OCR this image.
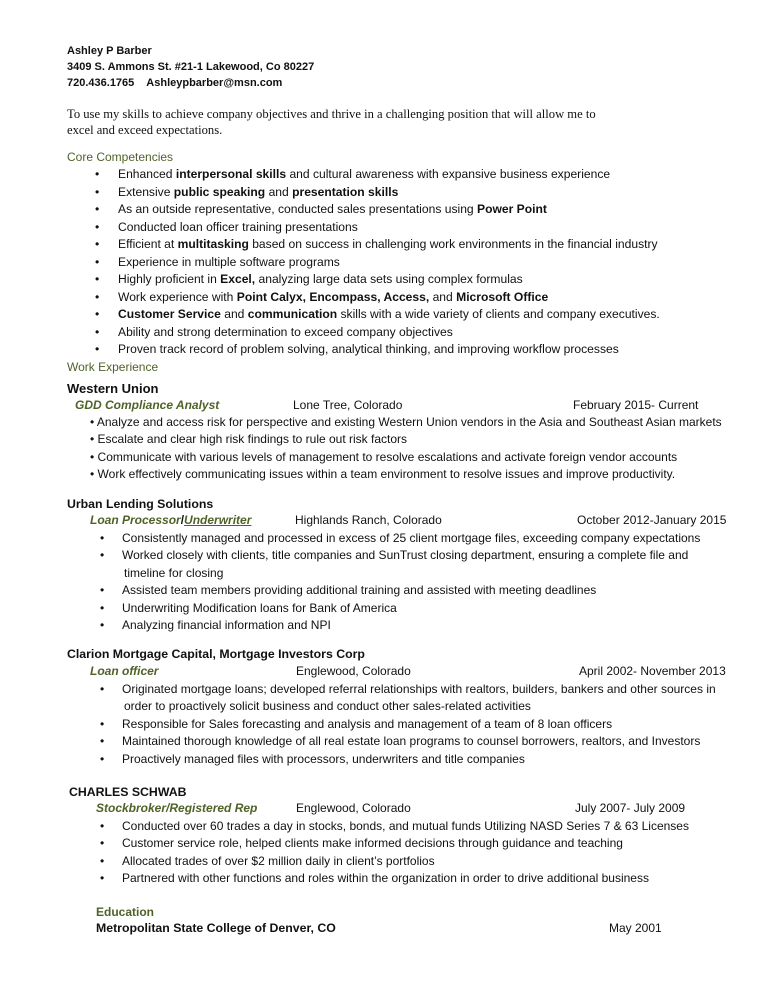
Ashley P Barber
3409 S. Ammons St. #21-1 Lakewood, Co 80227
720.436.1765 Ashleypbarber@msn.com
To use my skills to achieve company objectives and thrive in a challenging position that will allow me to
excel and exceed expectations.
Core Competencies
• Enhanced interpersonal skills and cultural awareness with expansive business experience
• Extensive public speaking and presentation skills
• As an outside representative, conducted sales presentations using Power Point
• Conducted loan officer training presentations
• Efficient at multitasking based on success in challenging work environments in the financial industry
• Experience in multiple software programs
• Highly proficient in Excel, analyzing large data sets using complex formulas
• Work experience with Point Calyx, Encompass, Access, and Microsoft Office
• Customer Service and communication skills with a wide variety of clients and company executives.
• Ability and strong determination to exceed company objectives
• Proven track record of problem solving, analytical thinking, and improving workflow processes
Work Experience
Western Union
GDD Compliance Analyst	Lone Tree, Colorado	February 2015- Current
• Analyze and access risk for perspective and existing Western Union vendors in the Asia and Southeast Asian markets
• Escalate and clear high risk findings to rule out risk factors
• Communicate with various levels of management to resolve escalations and activate foreign vendor accounts
• Work effectively communicating issues within a team environment to resolve issues and improve productivity.
Urban Lending Solutions
Loan Processor/Underwriter	Highlands Ranch, Colorado	October 2012-January 2015
• Consistently managed and processed in excess of 25 client mortgage files, exceeding company expectations
• Worked closely with clients, title companies and SunTrust closing department, ensuring a complete file and
timeline for closing
• Assisted team members providing additional training and assisted with meeting deadlines
• Underwriting Modification loans for Bank of America
• Analyzing financial information and NPI
Clarion Mortgage Capital, Mortgage Investors Corp
Loan officer	Englewood, Colorado	April 2002- November 2013
• Originated mortgage loans; developed referral relationships with realtors, builders, bankers and other sources in
order to proactively solicit business and conduct other sales-related activities
• Responsible for Sales forecasting and analysis and management of a team of 8 loan officers
• Maintained thorough knowledge of all real estate loan programs to counsel borrowers, realtors, and Investors
• Proactively managed files with processors, underwriters and title companies
CHARLES SCHWAB
Stockbroker/Registered Rep	Englewood, Colorado	July 2007- July 2009
• Conducted over 60 trades a day in stocks, bonds, and mutual funds Utilizing NASD Series 7 & 63 Licenses
• Customer service role, helped clients make informed decisions through guidance and teaching
• Allocated trades of over $2 million daily in client’s portfolios
• Partnered with other functions and roles within the organization in order to drive additional business
Education
Metropolitan State College of Denver, CO	May 2001
